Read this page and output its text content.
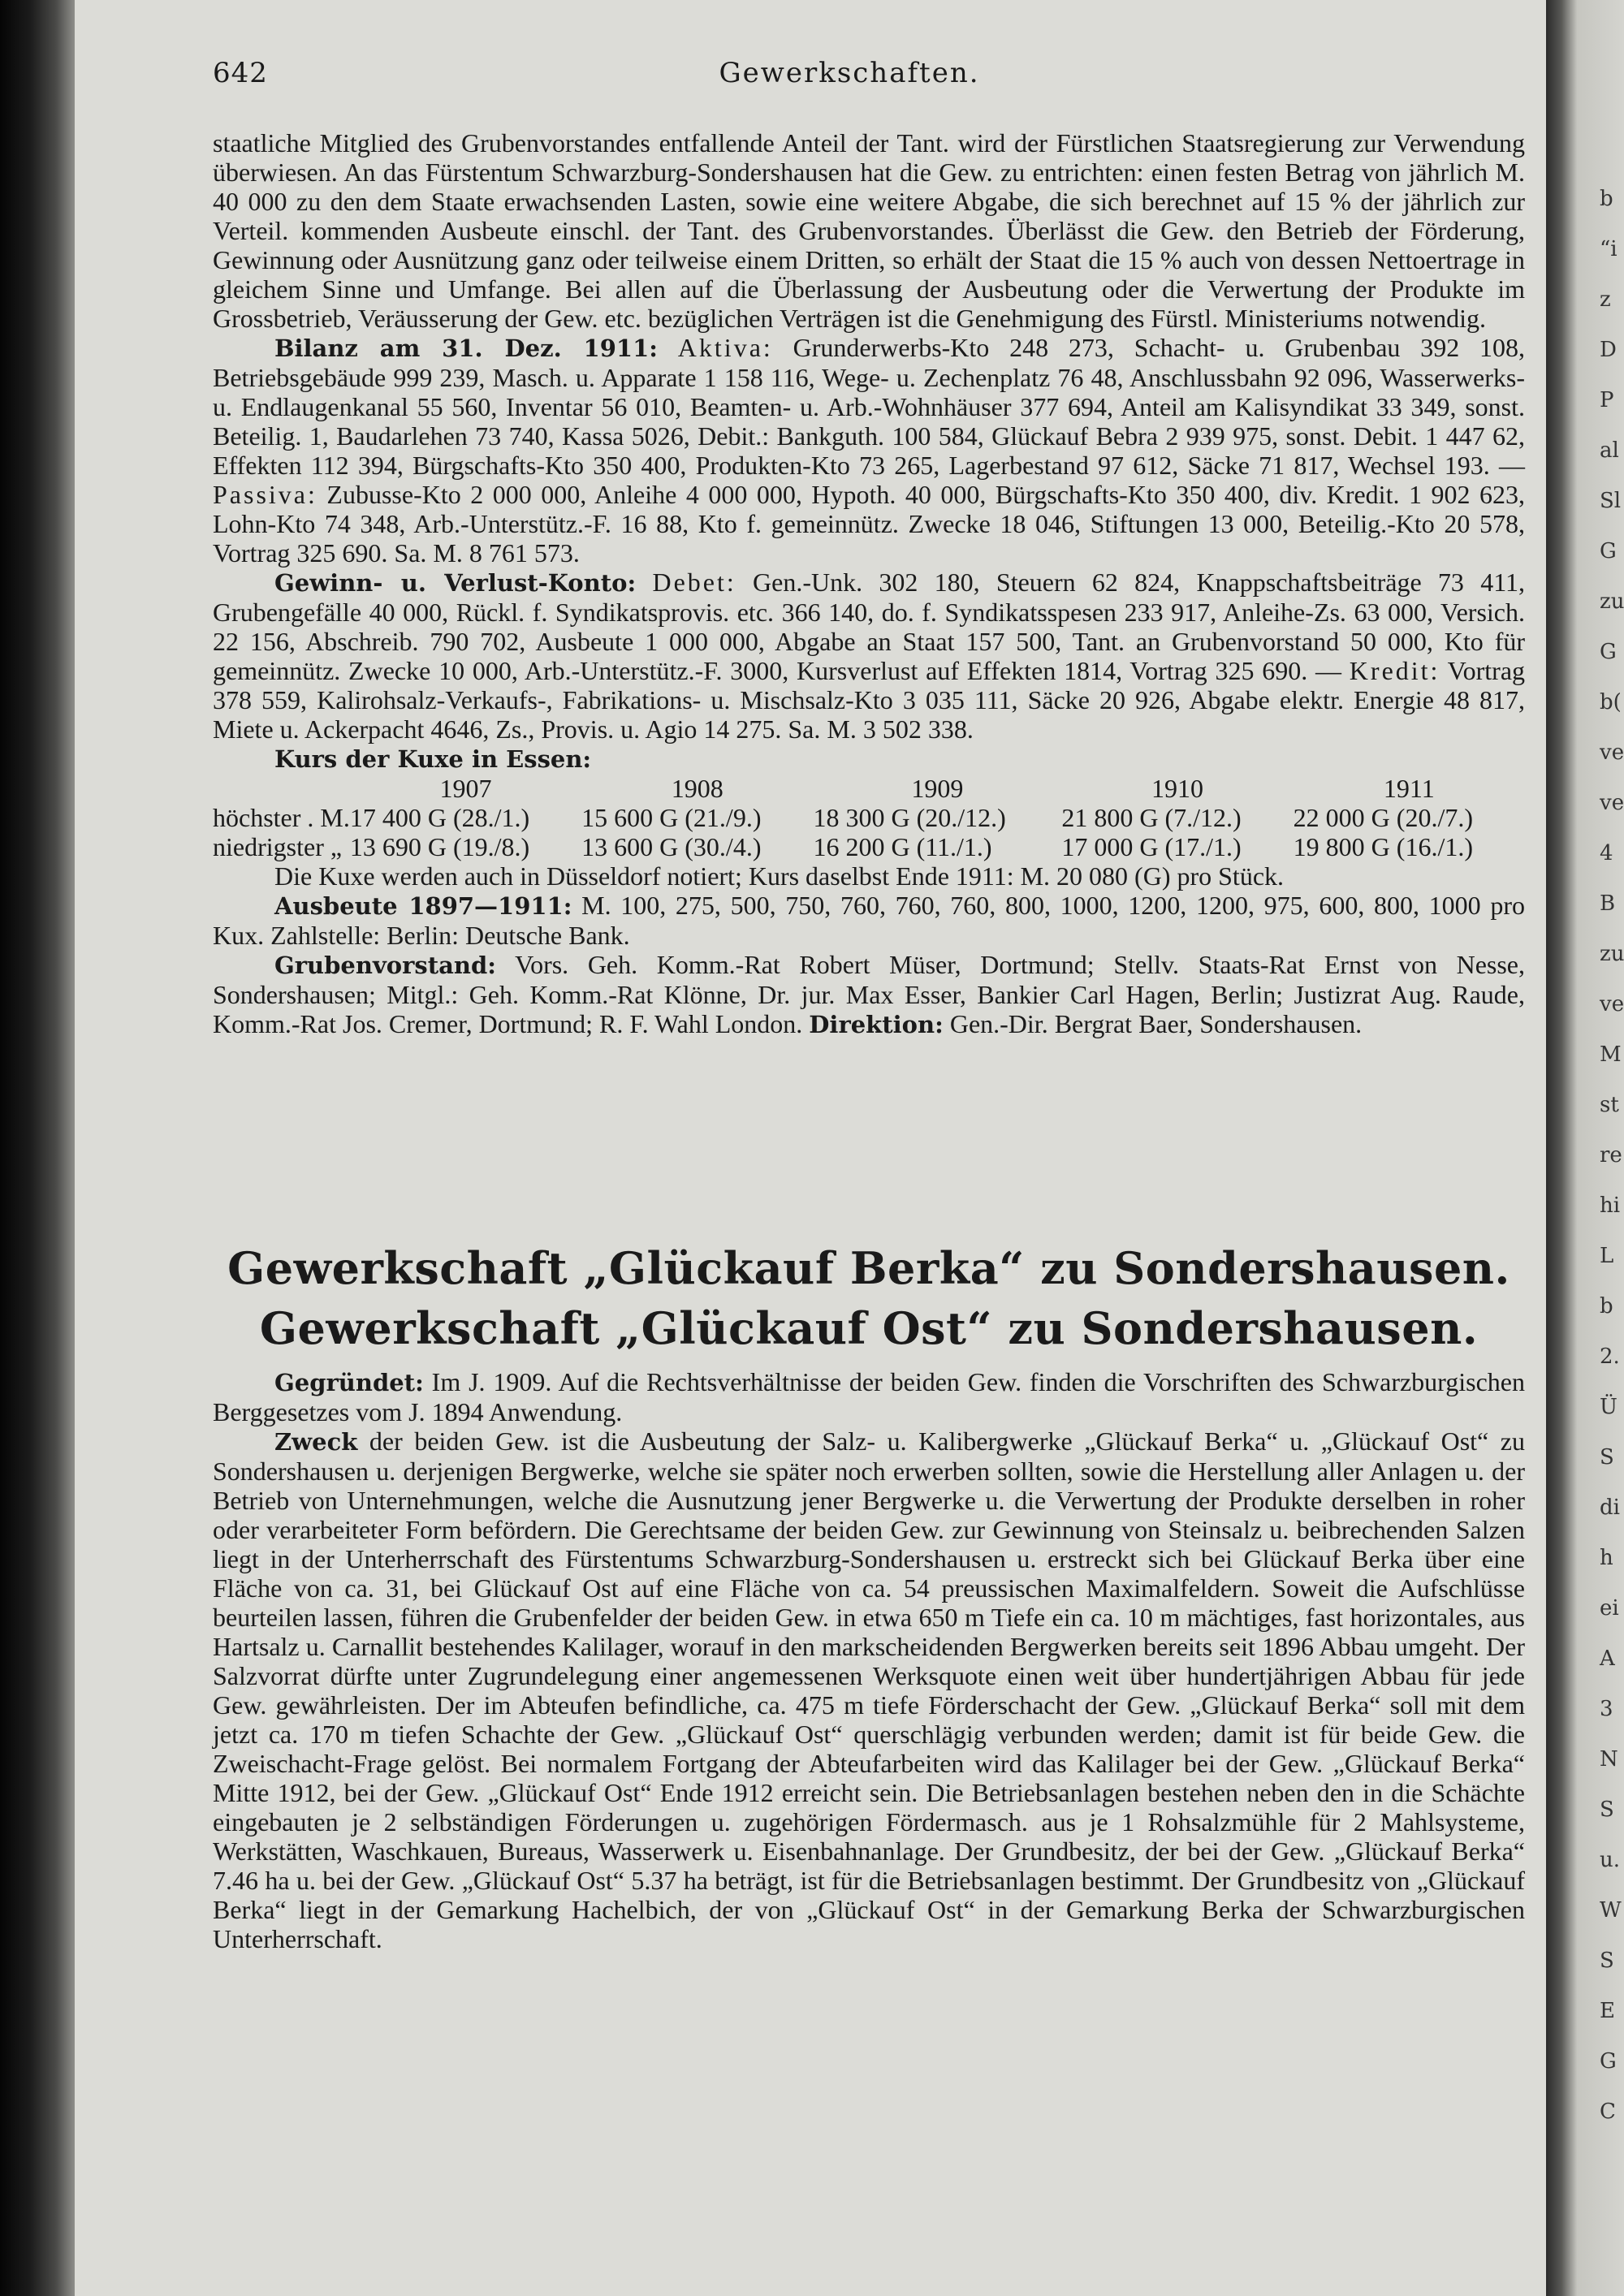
b
“i
z
D
P
al
Sl
G
zu
G
b(
ve
ve
4
B
zu
ve
M
st
re
hi
L
b
2.
Ü
S
di
h
ei
A
3
N
S
u.
W
S
E
G
C
642	Gewerkschaften.

staatliche Mitglied des Grubenvorstandes entfallende Anteil der Tant. wird der Fürstlichen Staatsregierung zur Verwendung überwiesen. An das Fürstentum Schwarzburg-Sondershausen hat die Gew. zu entrichten: einen festen Betrag von jährlich M. 40 000 zu den dem Staate erwachsenden Lasten, sowie eine weitere Abgabe, die sich berechnet auf 15 % der jährlich zur Verteil. kommenden Ausbeute einschl. der Tant. des Grubenvorstandes. Überlässt die Gew. den Betrieb der Förderung, Gewinnung oder Ausnützung ganz oder teilweise einem Dritten, so erhält der Staat die 15 % auch von dessen Nettoertrage in gleichem Sinne und Umfange. Bei allen auf die Überlassung der Ausbeutung oder die Verwertung der Produkte im Grossbetrieb, Veräusserung der Gew. etc. bezüglichen Verträgen ist die Genehmigung des Fürstl. Ministeriums notwendig.

Bilanz am 31. Dez. 1911: Aktiva: Grunderwerbs-Kto 248 273, Schacht- u. Grubenbau 392 108, Betriebsgebäude 999 239, Masch. u. Apparate 1 158 116, Wege- u. Zechenplatz 76 48, Anschlussbahn 92 096, Wasserwerks- u. Endlaugenkanal 55 560, Inventar 56 010, Beamten- u. Arb.-Wohnhäuser 377 694, Anteil am Kalisyndikat 33 349, sonst. Beteilig. 1, Baudarlehen 73 740, Kassa 5026, Debit.: Bankguth. 100 584, Glückauf Bebra 2 939 975, sonst. Debit. 1 447 62, Effekten 112 394, Bürgschafts-Kto 350 400, Produkten-Kto 73 265, Lagerbestand 97 612, Säcke 71 817, Wechsel 193. — Passiva: Zubusse-Kto 2 000 000, Anleihe 4 000 000, Hypoth. 40 000, Bürgschafts-Kto 350 400, div. Kredit. 1 902 623, Lohn-Kto 74 348, Arb.-Unterstütz.-F. 16 88, Kto f. gemeinnütz. Zwecke 18 046, Stiftungen 13 000, Beteilig.-Kto 20 578, Vortrag 325 690. Sa. M. 8 761 573.

Gewinn- u. Verlust-Konto: Debet: Gen.-Unk. 302 180, Steuern 62 824, Knappschaftsbeiträge 73 411, Grubengefälle 40 000, Rückl. f. Syndikatsprovis. etc. 366 140, do. f. Syndikatsspesen 233 917, Anleihe-Zs. 63 000, Versich. 22 156, Abschreib. 790 702, Ausbeute 1 000 000, Abgabe an Staat 157 500, Tant. an Grubenvorstand 50 000, Kto für gemeinnütz. Zwecke 10 000, Arb.-Unterstütz.-F. 3000, Kursverlust auf Effekten 1814, Vortrag 325 690. — Kredit: Vortrag 378 559, Kalirohsalz-Verkaufs-, Fabrikations- u. Mischsalz-Kto 3 035 111, Säcke 20 926, Abgabe elektr. Energie 48 817, Miete u. Ackerpacht 4646, Zs., Provis. u. Agio 14 275. Sa. M. 3 502 338.

Kurs der Kuxe in Essen:

	1907	1908	1909	1910	1911
höchster . M.	17 400 G (28./1.)	15 600 G (21./9.)	18 300 G (20./12.)	21 800 G (7./12.)	22 000 G (20./7.)
niedrigster „	13 690 G (19./8.)	13 600 G (30./4.)	16 200 G (11./1.)	17 000 G (17./1.)	19 800 G (16./1.)

Die Kuxe werden auch in Düsseldorf notiert; Kurs daselbst Ende 1911: M. 20 080 (G) pro Stück.

Ausbeute 1897—1911: M. 100, 275, 500, 750, 760, 760, 760, 800, 1000, 1200, 1200, 975, 600, 800, 1000 pro Kux. Zahlstelle: Berlin: Deutsche Bank.

Grubenvorstand: Vors. Geh. Komm.-Rat Robert Müser, Dortmund; Stellv. Staats-Rat Ernst von Nesse, Sondershausen; Mitgl.: Geh. Komm.-Rat Klönne, Dr. jur. Max Esser, Bankier Carl Hagen, Berlin; Justizrat Aug. Raude, Komm.-Rat Jos. Cremer, Dortmund; R. F. Wahl London. Direktion: Gen.-Dir. Bergrat Baer, Sondershausen.

Gewerkschaft „Glückauf Berka“ zu Sondershausen.
Gewerkschaft „Glückauf Ost“ zu Sondershausen.

Gegründet: Im J. 1909. Auf die Rechtsverhältnisse der beiden Gew. finden die Vorschriften des Schwarzburgischen Berggesetzes vom J. 1894 Anwendung.

Zweck der beiden Gew. ist die Ausbeutung der Salz- u. Kalibergwerke „Glückauf Berka“ u. „Glückauf Ost“ zu Sondershausen u. derjenigen Bergwerke, welche sie später noch erwerben sollten, sowie die Herstellung aller Anlagen u. der Betrieb von Unternehmungen, welche die Ausnutzung jener Bergwerke u. die Verwertung der Produkte derselben in roher oder verarbeiteter Form befördern. Die Gerechtsame der beiden Gew. zur Gewinnung von Steinsalz u. beibrechenden Salzen liegt in der Unterherrschaft des Fürstentums Schwarzburg-Sondershausen u. erstreckt sich bei Glückauf Berka über eine Fläche von ca. 31, bei Glückauf Ost auf eine Fläche von ca. 54 preussischen Maximalfeldern. Soweit die Aufschlüsse beurteilen lassen, führen die Grubenfelder der beiden Gew. in etwa 650 m Tiefe ein ca. 10 m mächtiges, fast horizontales, aus Hartsalz u. Carnallit bestehendes Kalilager, worauf in den markscheidenden Bergwerken bereits seit 1896 Abbau umgeht. Der Salzvorrat dürfte unter Zugrundelegung einer angemessenen Werksquote einen weit über hundertjährigen Abbau für jede Gew. gewährleisten. Der im Abteufen befindliche, ca. 475 m tiefe Förderschacht der Gew. „Glückauf Berka“ soll mit dem jetzt ca. 170 m tiefen Schachte der Gew. „Glückauf Ost“ querschlägig verbunden werden; damit ist für beide Gew. die Zweischacht-Frage gelöst. Bei normalem Fortgang der Abteufarbeiten wird das Kalilager bei der Gew. „Glückauf Berka“ Mitte 1912, bei der Gew. „Glückauf Ost“ Ende 1912 erreicht sein. Die Betriebsanlagen bestehen neben den in die Schächte eingebauten je 2 selbständigen Förderungen u. zugehörigen Fördermasch. aus je 1 Rohsalzmühle für 2 Mahlsysteme, Werkstätten, Waschkauen, Bureaus, Wasserwerk u. Eisenbahnanlage. Der Grundbesitz, der bei der Gew. „Glückauf Berka“ 7.46 ha u. bei der Gew. „Glückauf Ost“ 5.37 ha beträgt, ist für die Betriebsanlagen bestimmt. Der Grundbesitz von „Glückauf Berka“ liegt in der Gemarkung Hachelbich, der von „Glückauf Ost“ in der Gemarkung Berka der Schwarzburgischen Unterherrschaft.
